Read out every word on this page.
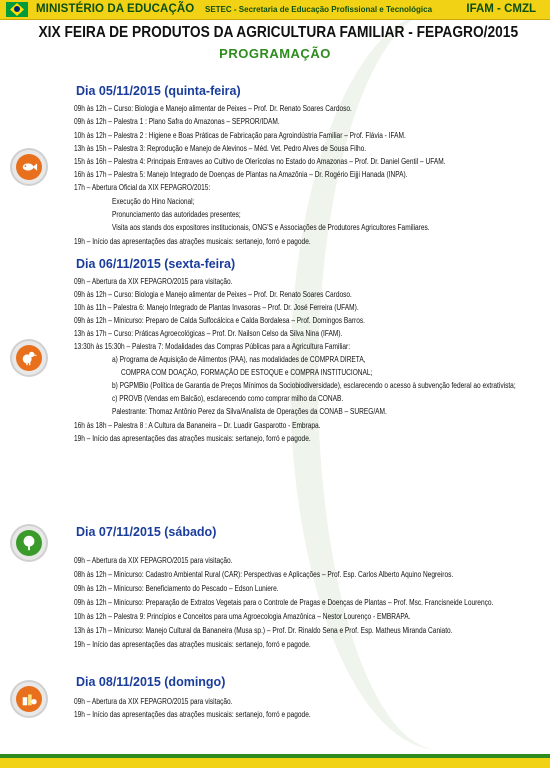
MINISTÉRIO DA EDUCAÇÃO SETEC - Secretaria de Educação Profissional e Tecnológica	IFAM - CMZL
XIX FEIRA DE PRODUTOS DA AGRICULTURA FAMILIAR - FEPAGRO/2015
PROGRAMAÇÃO
Dia 05/11/2015 (quinta-feira)
09h às 12h – Curso: Biologia e Manejo alimentar de Peixes – Prof. Dr. Renato Soares Cardoso.
09h às 12h – Palestra 1 : Plano Safra do Amazonas – SEPROR/IDAM.
10h às 12h – Palestra 2 : Higiene e Boas Práticas de Fabricação para Agroindústria Familiar – Prof. Flávia - IFAM.
13h às 15h – Palestra 3: Reprodução e Manejo de Alevinos – Méd. Vet. Pedro Alves de Sousa Filho.
15h às 16h – Palestra 4: Principais Entraves ao Cultivo de Olerícolas no Estado do Amazonas – Prof. Dr. Daniel Gentil – UFAM.
16h às 17h – Palestra 5: Manejo Integrado de Doenças de Plantas na Amazônia – Dr. Rogério Eijji Hanada (INPA).
17h – Abertura Oficial da XIX FEPAGRO/2015:
Execução do Hino Nacional;
Pronunciamento das autoridades presentes;
Visita aos stands dos expositores institucionais, ONG'S e Associações de Produtores Agricultores Familiares.
19h – Início das apresentações das atrações musicais: sertanejo, forró e pagode.
Dia 06/11/2015 (sexta-feira)
09h – Abertura da XIX FEPAGRO/2015 para visitação.
09h às 12h – Curso: Biologia e Manejo alimentar de Peixes – Prof. Dr. Renato Soares Cardoso.
10h às 11h – Palestra 6: Manejo Integrado de Plantas Invasoras – Prof. Dr. José Ferreira (UFAM).
09h às 12h – Minicurso: Preparo de Calda Sulfocálcica e Calda Bordalesa – Prof. Domingos Barros.
13h às 17h – Curso: Práticas Agroecológicas – Prof. Dr. Nailson Celso da Silva Nina (IFAM).
13:30h às 15:30h – Palestra 7: Modalidades das Compras Públicas para a Agricultura Familiar:
a) Programa de Aquisição de Alimentos (PAA), nas modalidades de COMPRA DIRETA,
COMPRA COM DOAÇÃO, FORMAÇÃO DE ESTOQUE e COMPRA INSTITUCIONAL;
b) PGPMBio (Política de Garantia de Preços Mínimos da Sociobiodiversidade), esclarecendo o acesso à subvenção federal ao extrativista;
c) PROVB (Vendas em Balcão), esclarecendo como comprar milho da CONAB.
Palestrante: Thomaz Antônio Perez da Silva/Analista de Operações da CONAB – SUREG/AM.
16h às 18h – Palestra 8 : A Cultura da Bananeira – Dr. Luadir Gasparotto - Embrapa.
19h – Início das apresentações das atrações musicais: sertanejo, forró e pagode.
Dia 07/11/2015 (sábado)
09h – Abertura da XIX FEPAGRO/2015 para visitação.
08h às 12h – Minicurso: Cadastro Ambiental Rural (CAR): Perspectivas e Aplicações – Prof. Esp. Carlos Alberto Aquino Negreiros.
09h às 12h – Minicurso: Beneficiamento do Pescado – Edson Luniere.
09h às 12h – Minicurso: Preparação de Extratos Vegetais para o Controle de Pragas e Doenças de Plantas – Prof. Msc. Francisneide Lourenço.
10h às 12h – Palestra 9: Princípios e Conceitos para uma Agroecologia Amazônica – Nestor Lourenço - EMBRAPA.
13h às 17h – Minicurso: Manejo Cultural da Bananeira (Musa sp.) – Prof. Dr. Rinaldo Sena e Prof. Esp. Matheus Miranda Caniato.
19h – Início das apresentações das atrações musicais: sertanejo, forró e pagode.
Dia 08/11/2015 (domingo)
09h – Abertura da XIX FEPAGRO/2015 para visitação.
19h – Início das apresentações das atrações musicais: sertanejo, forró e pagode.
